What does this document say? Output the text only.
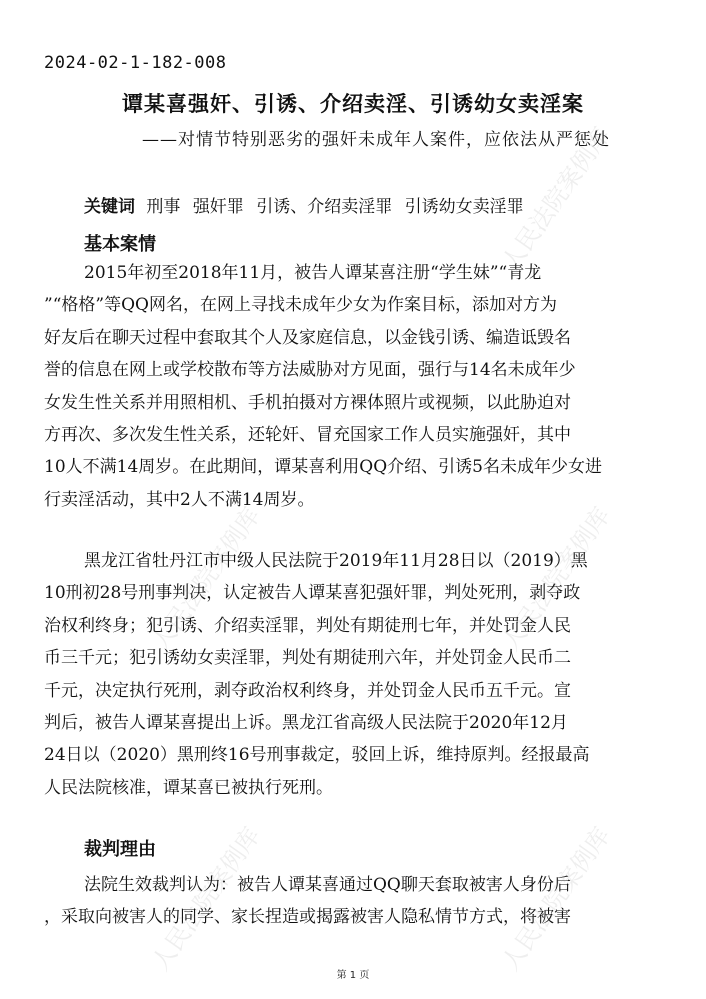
2024-02-1-182-008
谭某喜强奸、引诱、介绍卖淫、引诱幼女卖淫案
——对情节特别恶劣的强奸未成年人案件，应依法从严惩处
关键词 刑事 强奸罪 引诱、介绍卖淫罪 引诱幼女卖淫罪
基本案情
2015年初至2018年11月，被告人谭某喜注册“学生妹”“青龙
”“格格”等QQ网名，在网上寻找未成年少女为作案目标，添加对方为
好友后在聊天过程中套取其个人及家庭信息，以金钱引诱、编造诋毁名
誉的信息在网上或学校散布等方法威胁对方见面，强行与14名未成年少
女发生性关系并用照相机、手机拍摄对方裸体照片或视频，以此胁迫对
方再次、多次发生性关系，还轮奸、冒充国家工作人员实施强奸，其中
10人不满14周岁。在此期间，谭某喜利用QQ介绍、引诱5名未成年少女进
行卖淫活动，其中2人不满14周岁。
黑龙江省牡丹江市中级人民法院于2019年11月28日以（2019）黑
10刑初28号刑事判决，认定被告人谭某喜犯强奸罪，判处死刑，剥夺政
治权利终身；犯引诱、介绍卖淫罪，判处有期徒刑七年，并处罚金人民
币三千元；犯引诱幼女卖淫罪，判处有期徒刑六年，并处罚金人民币二
千元，决定执行死刑，剥夺政治权利终身，并处罚金人民币五千元。宣
判后，被告人谭某喜提出上诉。黑龙江省高级人民法院于2020年12月
24日以（2020）黑刑终16号刑事裁定，驳回上诉，维持原判。经报最高
人民法院核准，谭某喜已被执行死刑。
裁判理由
法院生效裁判认为：被告人谭某喜通过QQ聊天套取被害人身份后
，采取向被害人的同学、家长捏造或揭露被害人隐私情节方式，将被害
第 1 页
人民法院案例库
人民法院案例库	人民法院案例库
人民法院案例库	人民法院案例库
